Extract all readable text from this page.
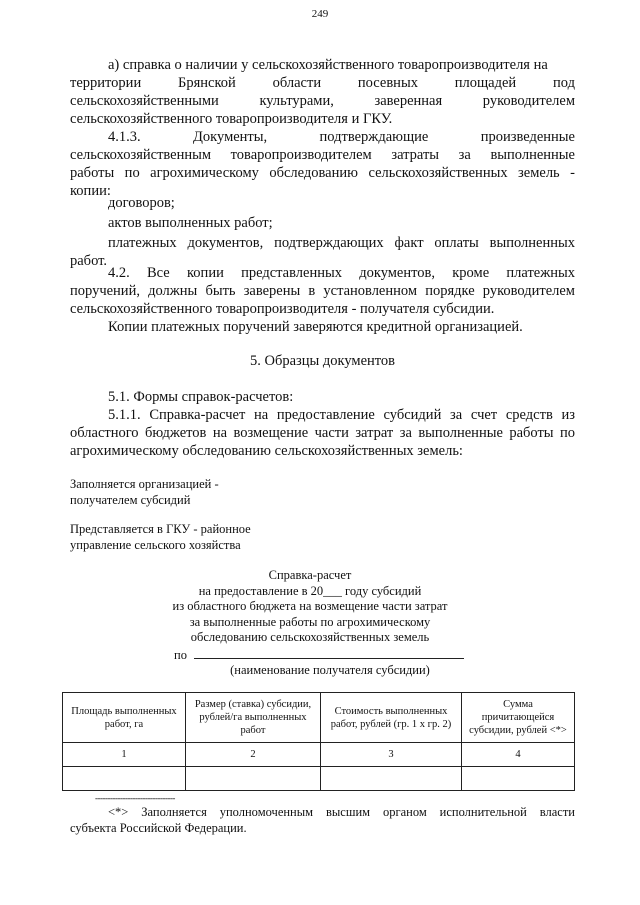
249
а) справка о наличии у сельскохозяйственного товаропроизводителя на
территории Брянской области посевных площадей под
сельскохозяйственными культурами, заверенная руководителем
сельскохозяйственного товаропроизводителя и ГКУ.
4.1.3. Документы, подтверждающие произведенные
сельскохозяйственным товаропроизводителем затраты за выполненные
работы по агрохимическому обследованию сельскохозяйственных земель -
копии:
договоров;
актов выполненных работ;
платежных документов, подтверждающих факт оплаты выполненных
работ.
4.2. Все копии представленных документов, кроме платежных
поручений, должны быть заверены в установленном порядке руководителем
сельскохозяйственного товаропроизводителя - получателя субсидии.
Копии платежных поручений заверяются кредитной организацией.
5. Образцы документов
5.1. Формы справок-расчетов:
5.1.1. Справка-расчет на предоставление субсидий за счет средств из
областного бюджетов на возмещение части затрат за выполненные работы по
агрохимическому обследованию сельскохозяйственных земель:
Заполняется организацией -
получателем субсидий
Представляется в ГКУ - районное
управление сельского хозяйства
Справка-расчет
на предоставление в 20___ году субсидий
из областного бюджета на возмещение части затрат
за выполненные работы по агрохимическому
обследованию сельскохозяйственных земель
по
(наименование получателя субсидии)
Площадь выполненных работ, га	Размер (ставка) субсидии, рублей/га выполненных работ	Стоимость выполненных работ, рублей (гр. 1 х гр. 2)	Сумма причитающейся субсидии, рублей <*>
1	2	3	4

--------------------------------
<*> Заполняется уполномоченным высшим органом исполнительной власти
субъекта Российской Федерации.
